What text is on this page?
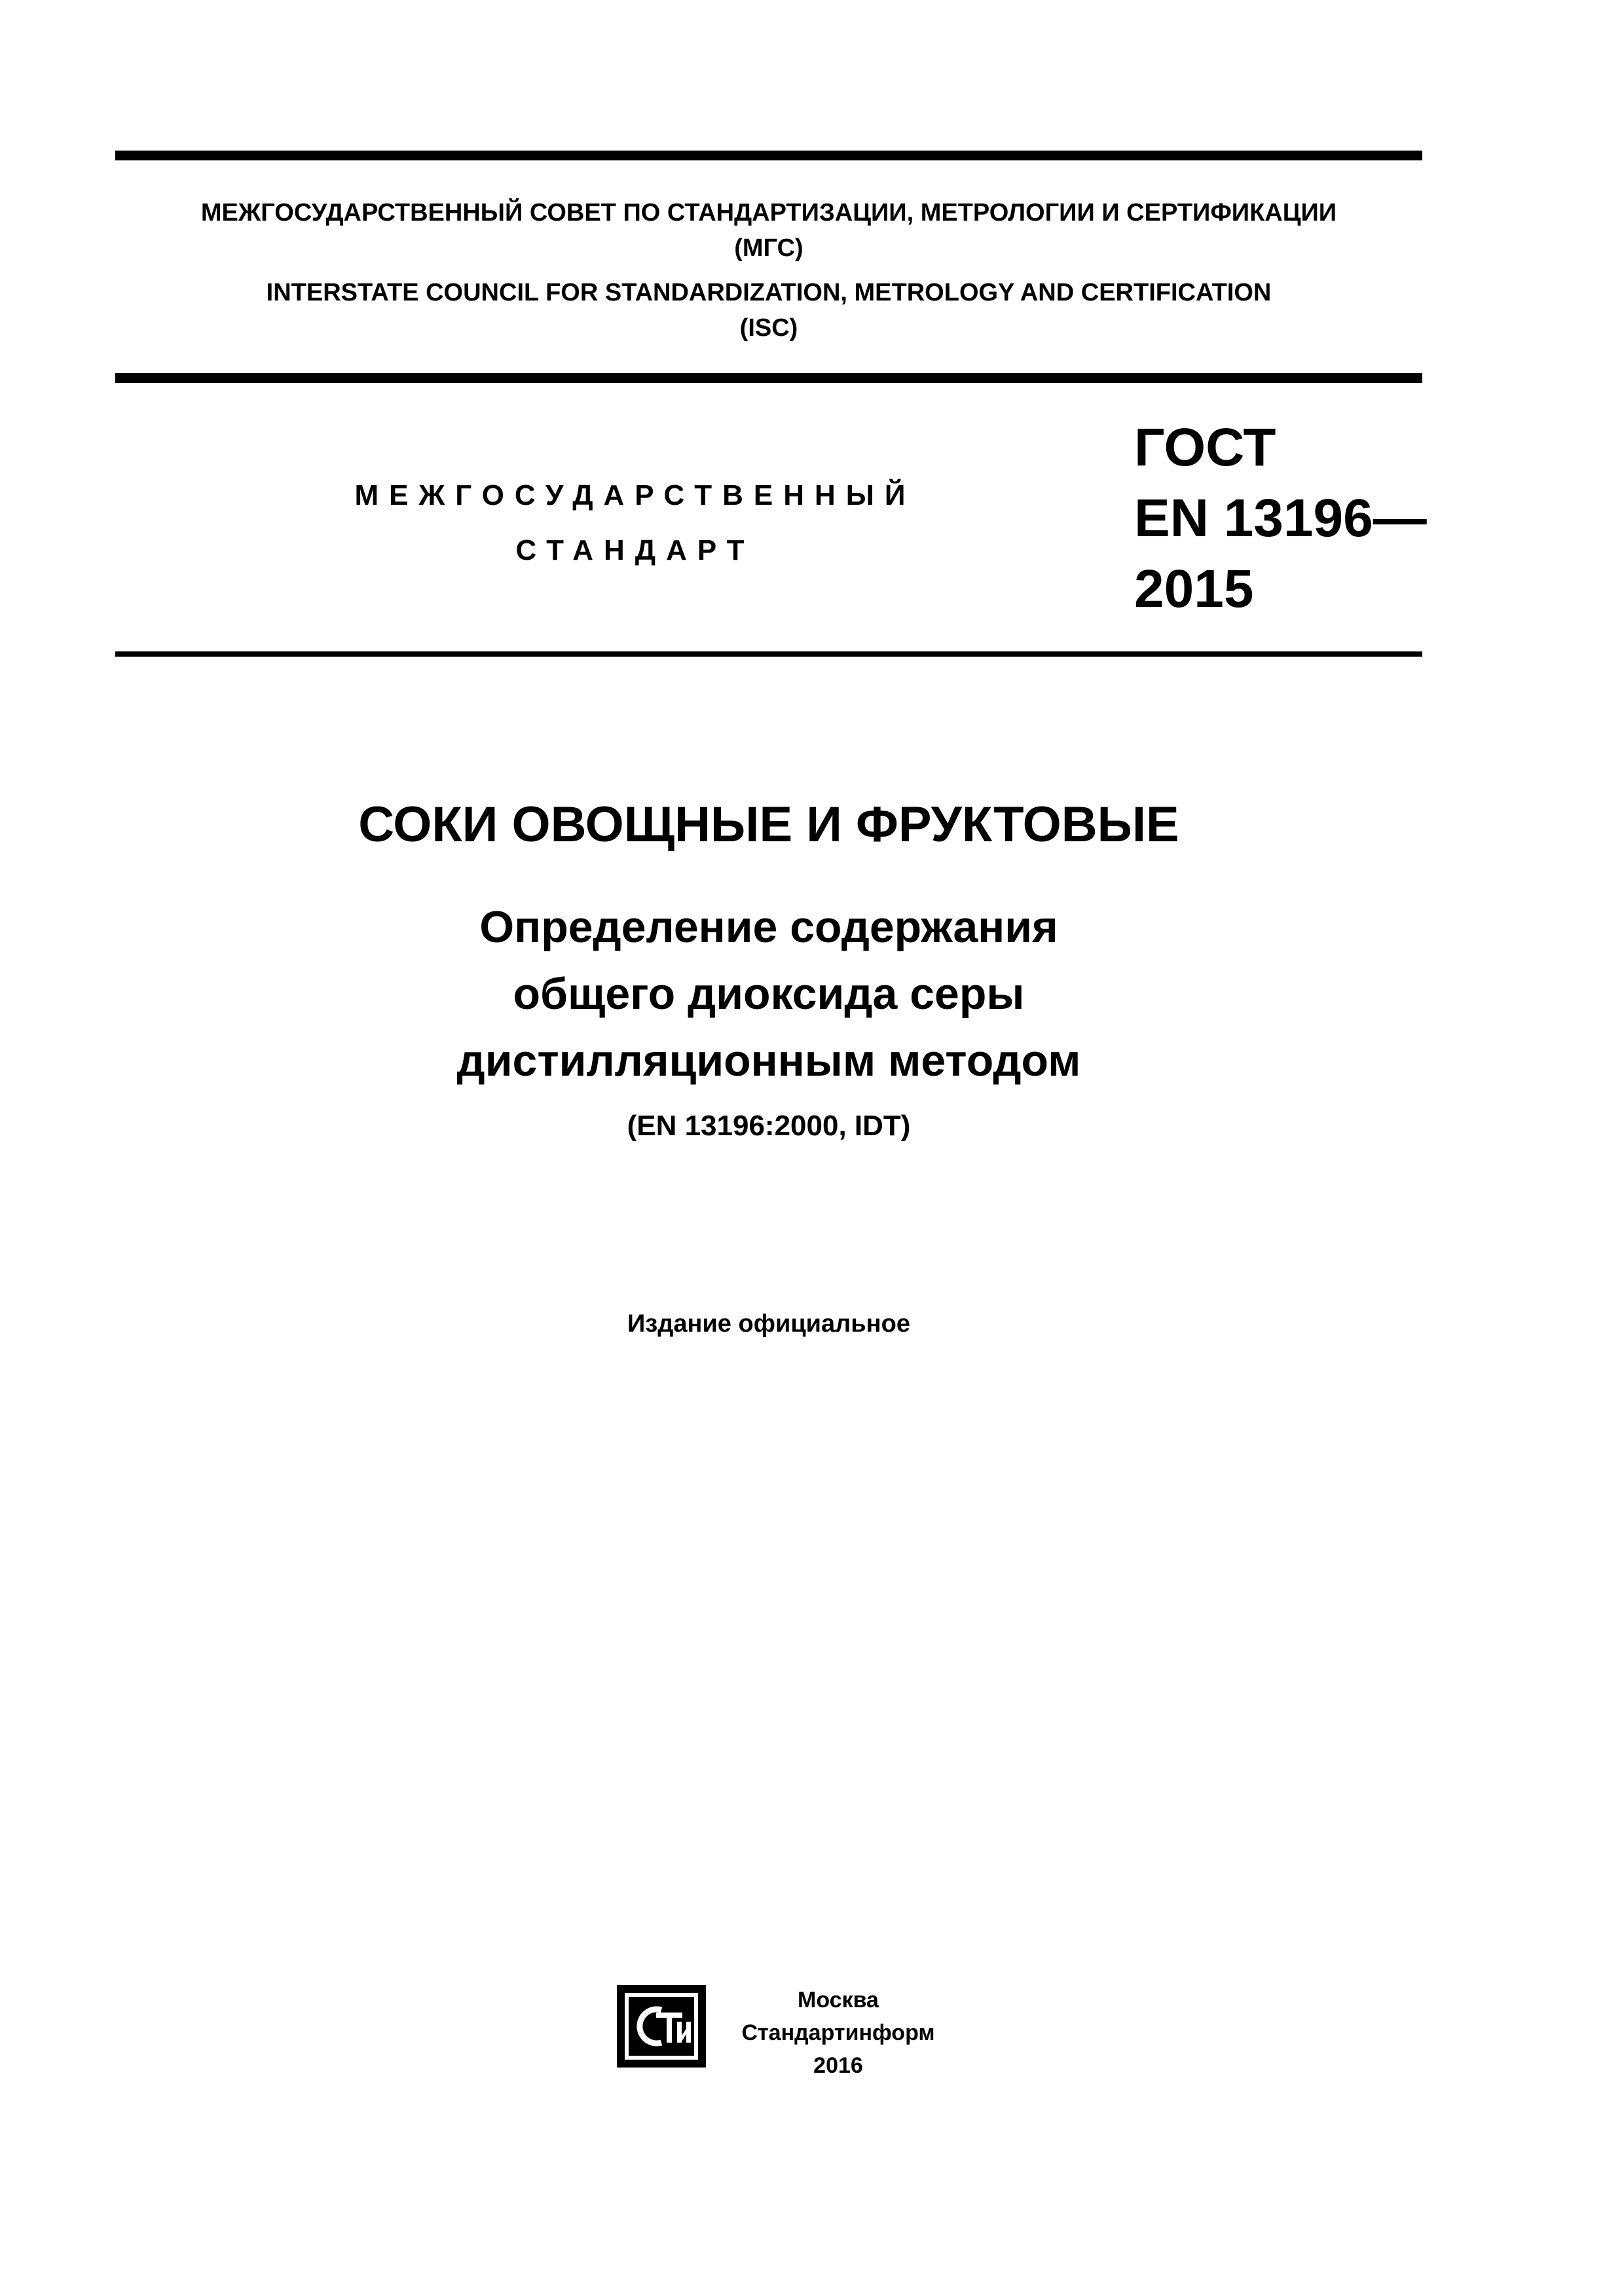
МЕЖГОСУДАРСТВЕННЫЙ СОВЕТ ПО СТАНДАРТИЗАЦИИ, МЕТРОЛОГИИ И СЕРТИФИКАЦИИ
(МГС)
INTERSTATE COUNCIL FOR STANDARDIZATION, METROLOGY AND CERTIFICATION
(ISC)
МЕЖГОСУДАРСТВЕННЫЙ
СТАНДАРТ
ГОСТ
EN 13196—
2015
СОКИ ОВОЩНЫЕ И ФРУКТОВЫЕ
Определение содержания
общего диоксида серы
дистилляционным методом
(EN 13196:2000, IDT)
Издание официальное
Москва
Стандартинформ
2016
